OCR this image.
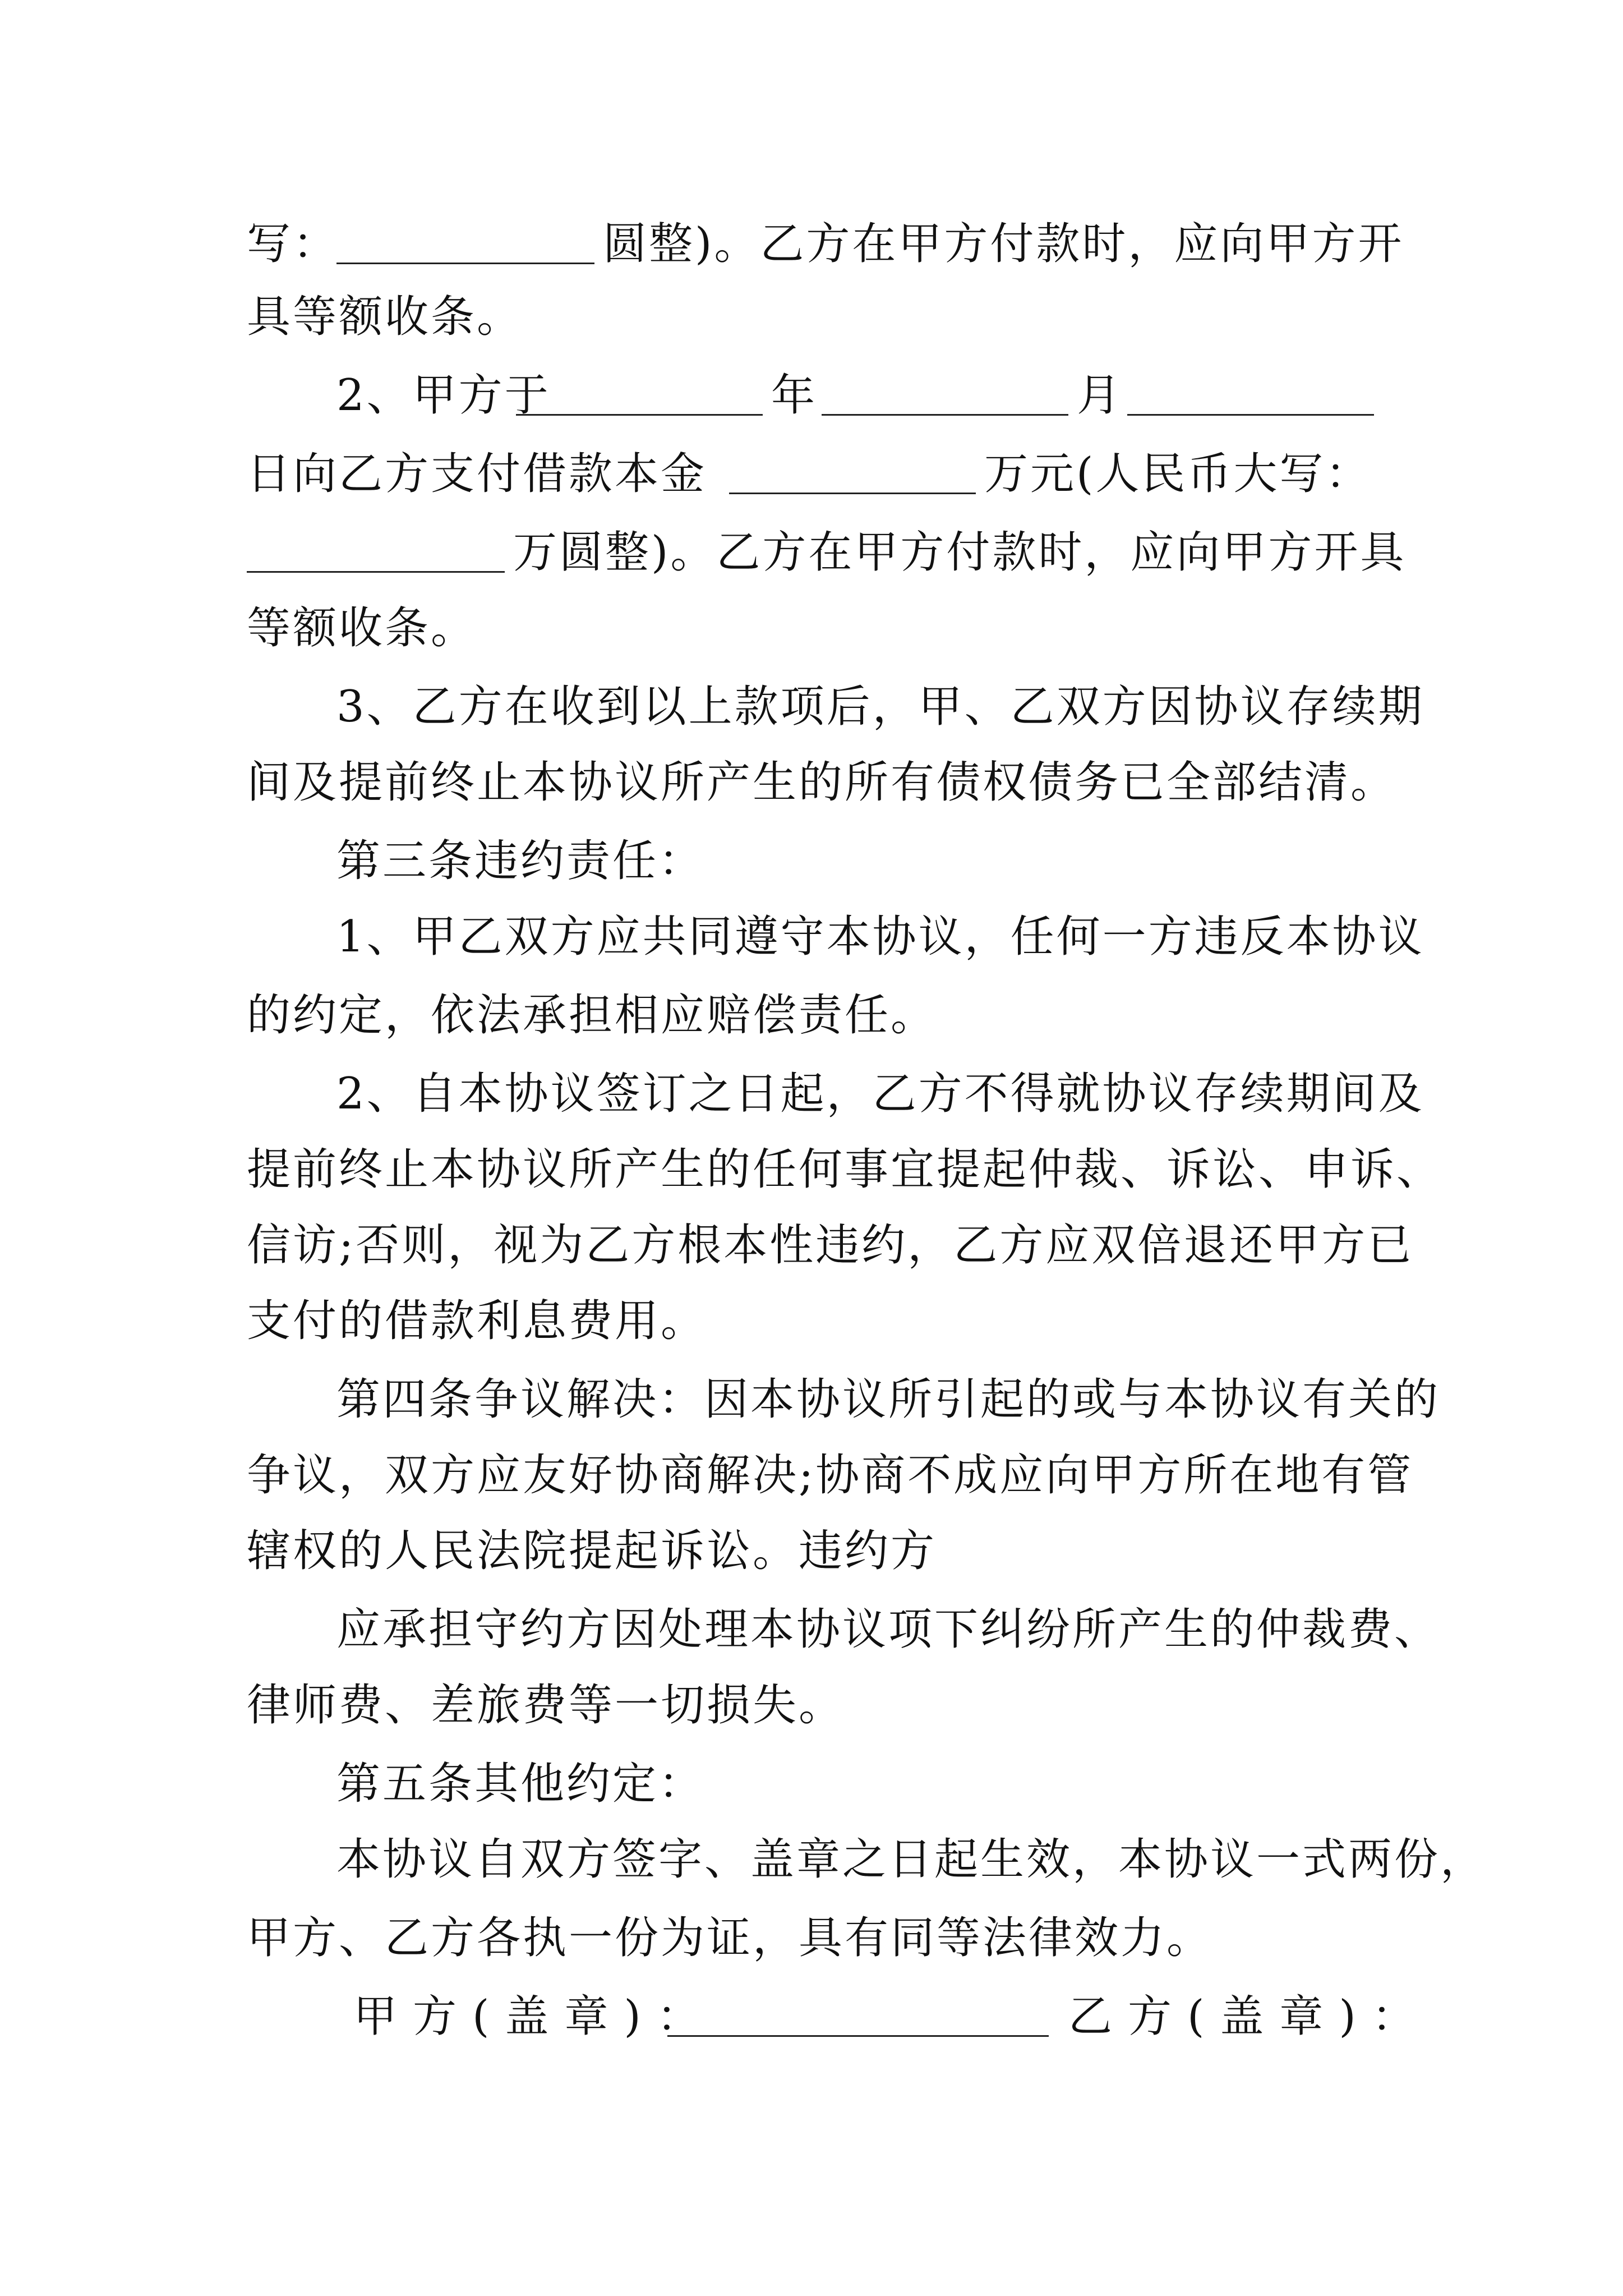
写：	圆整)。乙方在甲方付款时，应向甲方开
具等额收条。
2、甲方于	年	月
日向乙方支付借款本金	万元(人民币大写：
万圆整)。乙方在甲方付款时，应向甲方开具
等额收条。
3、乙方在收到以上款项后，甲、乙双方因协议存续期
间及提前终止本协议所产生的所有债权债务已全部结清。
第三条违约责任：
1、甲乙双方应共同遵守本协议，任何一方违反本协议
的约定，依法承担相应赔偿责任。
2、自本协议签订之日起，乙方不得就协议存续期间及
提前终止本协议所产生的任何事宜提起仲裁、诉讼、申诉、
信访;否则，视为乙方根本性违约，乙方应双倍退还甲方已
支付的借款利息费用。
第四条争议解决：因本协议所引起的或与本协议有关的
争议，双方应友好协商解决;协商不成应向甲方所在地有管
辖权的人民法院提起诉讼。违约方
应承担守约方因处理本协议项下纠纷所产生的仲裁费、
律师费、差旅费等一切损失。
第五条其他约定：
本协议自双方签字、盖章之日起生效，本协议一式两份，
甲方、乙方各执一份为证，具有同等法律效力。
甲方(盖章)：	乙方(盖章)：
